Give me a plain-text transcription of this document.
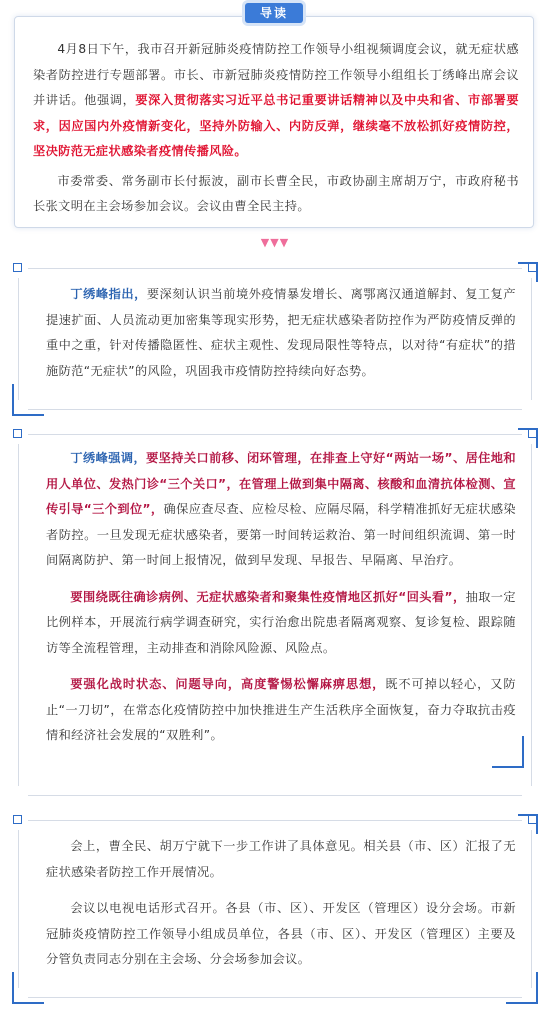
导读

4月8日下午，我市召开新冠肺炎疫情防控工作领导小组视频调度会议，就无症状感染者防控进行专题部署。市长、市新冠肺炎疫情防控工作领导小组组长丁绣峰出席会议并讲话。他强调，要深入贯彻落实习近平总书记重要讲话精神以及中央和省、市部署要求，因应国内外疫情新变化，坚持外防输入、内防反弹，继续毫不放松抓好疫情防控，坚决防范无症状感染者疫情传播风险。

市委常委、常务副市长付振波，副市长曹全民，市政协副主席胡万宁，市政府秘书长张文明在主会场参加会议。会议由曹全民主持。

▼▼▼

丁绣峰指出，要深刻认识当前境外疫情暴发增长、离鄂离汉通道解封、复工复产提速扩面、人员流动更加密集等现实形势，把无症状感染者防控作为严防疫情反弹的重中之重，针对传播隐匿性、症状主观性、发现局限性等特点，以对待“有症状”的措施防范“无症状”的风险，巩固我市疫情防控持续向好态势。

丁绣峰强调，要坚持关口前移、闭环管理，在排查上守好“两站一场”、居住地和用人单位、发热门诊“三个关口”，在管理上做到集中隔离、核酸和血清抗体检测、宣传引导“三个到位”，确保应查尽查、应检尽检、应隔尽隔，科学精准抓好无症状感染者防控。一旦发现无症状感染者，要第一时间转运救治、第一时间组织流调、第一时间隔离防护、第一时间上报情况，做到早发现、早报告、早隔离、早治疗。

要围绕既往确诊病例、无症状感染者和聚集性疫情地区抓好“回头看”，抽取一定比例样本，开展流行病学调查研究，实行治愈出院患者隔离观察、复诊复检、跟踪随访等全流程管理，主动排查和消除风险源、风险点。

要强化战时状态、问题导向，高度警惕松懈麻痹思想，既不可掉以轻心，又防止“一刀切”，在常态化疫情防控中加快推进生产生活秩序全面恢复，奋力夺取抗击疫情和经济社会发展的“双胜利”。

会上，曹全民、胡万宁就下一步工作讲了具体意见。相关县（市、区）汇报了无症状感染者防控工作开展情况。

会议以电视电话形式召开。各县（市、区）、开发区（管理区）设分会场。市新冠肺炎疫情防控工作领导小组成员单位，各县（市、区）、开发区（管理区）主要及分管负责同志分别在主会场、分会场参加会议。
